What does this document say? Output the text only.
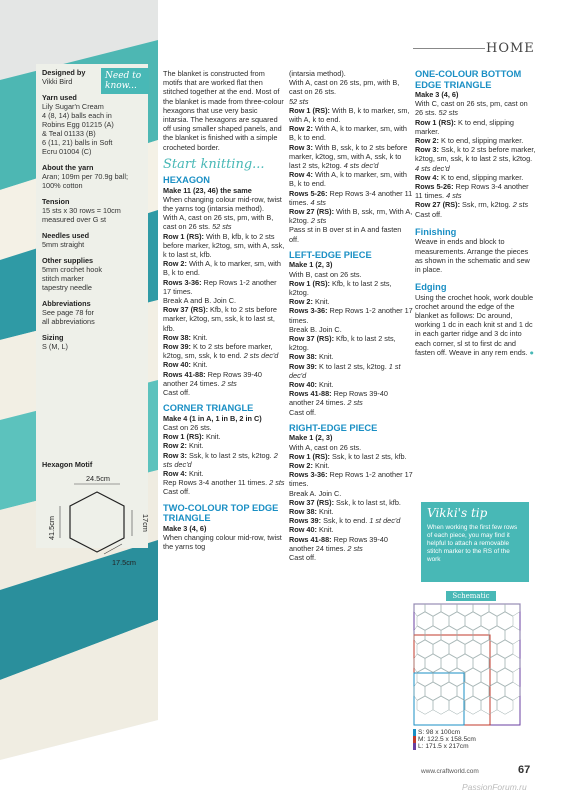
Designed by
Vikki Bird
Yarn used
Lily Sugar'n Cream
4 (8, 14) balls each in
Robins Egg 01215 (A)
& Teal 01133 (B)
6 (11, 21) balls in Soft
Ecru 01004 (C)
About the yarn
Aran; 109m per 70.9g ball;
100% cotton
Tension
15 sts x 30 rows = 10cm
measured over G st
Needles used
5mm straight
Other supplies
5mm crochet hook
stitch marker
tapestry needle
Abbreviations
See page 78 for
all abbreviations
Sizing
S (M, L)
Need to know...
Hexagon Motif
24.5cm
41.5cm	17cm
17.5cm
HOME

The blanket is constructed from motifs that are worked flat then stitched together at the end. Most of the blanket is made from three-colour hexagons that use very basic intarsia. The hexagons are squared off using smaller shaped panels, and the blanket is finished with a simple crocheted border.

Start knitting...
HEXAGON

Make 11 (23, 46) the same

When changing colour mid-row, twist the yarns tog (intarsia method).

With A, cast on 26 sts, pm, with B, cast on 26 sts. 52 sts

Row 1 (RS): With B, kfb, k to 2 sts before marker, k2tog, sm, with A, ssk, k to last st, kfb.

Row 2: With A, k to marker, sm, with B, k to end.

Rows 3-36: Rep Rows 1-2 another 17 times.

Break A and B. Join C.

Row 37 (RS): Kfb, k to 2 sts before marker, k2tog, sm, ssk, k to last st, kfb.

Row 38: Knit.

Row 39: K to 2 sts before marker, k2tog, sm, ssk, k to end. 2 sts dec'd

Row 40: Knit.

Rows 41-88: Rep Rows 39-40 another 24 times. 2 sts

Cast off.

CORNER TRIANGLE

Make 4 (1 in A, 1 in B, 2 in C)

Cast on 26 sts.

Row 1 (RS): Knit.

Row 2: Knit.

Row 3: Ssk, k to last 2 sts, k2tog. 2 sts dec'd

Row 4: Knit.

Rep Rows 3-4 another 11 times. 2 sts

Cast off.

TWO-COLOUR TOP EDGE TRIANGLE

Make 3 (4, 6)

When changing colour mid-row, twist the yarns tog

(intarsia method).

With A, cast on 26 sts, pm, with B, cast on 26 sts.

52 sts

Row 1 (RS): With B, k to marker, sm, with A, k to end.

Row 2: With A, k to marker, sm, with B, k to end.

Row 3: With B, ssk, k to 2 sts before marker, k2tog, sm, with A, ssk, k to last 2 sts, k2tog. 4 sts dec'd

Row 4: With A, k to marker, sm, with B, k to end.

Rows 5-26: Rep Rows 3-4 another 11 times. 4 sts

Row 27 (RS): With B, ssk, rm, With A, k2tog. 2 sts

Pass st in B over st in A and fasten off.

LEFT-EDGE PIECE

Make 1 (2, 3)

With B, cast on 26 sts.

Row 1 (RS): Kfb, k to last 2 sts, k2tog.

Row 2: Knit.

Rows 3-36: Rep Rows 1-2 another 17 times.

Break B. Join C.

Row 37 (RS): Kfb, k to last 2 sts, k2tog.

Row 38: Knit.

Row 39: K to last 2 sts, k2tog. 1 st dec'd

Row 40: Knit.

Rows 41-88: Rep Rows 39-40 another 24 times. 2 sts

Cast off.

RIGHT-EDGE PIECE

Make 1 (2, 3)

With A, cast on 26 sts.

Row 1 (RS): Ssk, k to last 2 sts, kfb.

Row 2: Knit.

Rows 3-36: Rep Rows 1-2 another 17 times.

Break A. Join C.

Row 37 (RS): Ssk, k to last st, kfb.

Row 38: Knit.

Rows 39: Ssk, k to end. 1 st dec'd

Row 40: Knit.

Rows 41-88: Rep Rows 39-40 another 24 times. 2 sts

Cast off.

ONE-COLOUR BOTTOM EDGE TRIANGLE

Make 3 (4, 6)

With C, cast on 26 sts, pm, cast on 26 sts. 52 sts

Row 1 (RS): K to end, slipping marker.

Row 2: K to end, slipping marker.

Row 3: Ssk, k to 2 sts before marker, k2tog, sm, ssk, k to last 2 sts, k2tog. 4 sts dec'd

Row 4: K to end, slipping marker.

Rows 5-26: Rep Rows 3-4 another 11 times. 4 sts

Row 27 (RS): Ssk, rm, k2tog. 2 sts

Cast off.

Finishing

Weave in ends and block to measurements. Arrange the pieces as shown in the schematic and sew in place.

Edging

Using the crochet hook, work double crochet around the edge of the blanket as follows: Dc around, working 1 dc in each knit st and 1 dc in each garter ridge and 3 dc into each corner, sl st to first dc and fasten off. Weave in any rem ends. ●

Vikki's tip
When working the first few rows of each piece, you may find it helpful to attach a removable stitch marker to the RS of the work
Schematic
S: 98 x 100cm
M: 122.5 x 158.5cm
L: 171.5 x 217cm
www.craftworld.com	67
PassionForum.ru
